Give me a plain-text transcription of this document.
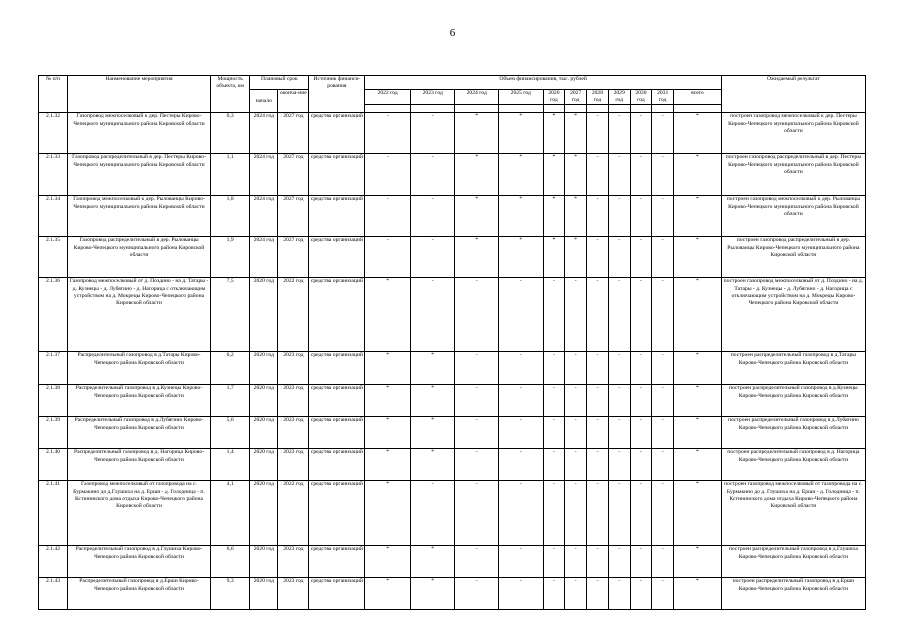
6
№ п/п	Наименование мероприятия	Мощность объекта, км	Плановый срок		Источник финанси-рования	Объем финансирования, тыс. рублей											Ожидаемый результат
			начало	оконча-ние		2022 год	2023 год	2024 год	2025 год	2026 год	2027 год	2028 год	2029 год	2030 год	2031 год	всего	

2.1.32	Газопровод межпоселковый к дер. Пестеры Кирово-Чепецкого муниципального района Кировской области	0,3	2024 год	2027 год	средства организаций	-	-	*	*	*	*	-	-	-	-	*	построен газопровод межпоселковый к дер. Пестеры Кирово-Чепецкого муниципального района Кировской области
2.1.33	Газопровод распределительный в дер. Пестеры Кирово-Чепецкого муниципального района Кировской области	1,1	2024 год	2027 год	средства организаций	-	-	*	*	*	*	-	-	-	-	*	построен газопровод распределительный в дер. Пестеры Кирово-Чепецкого муниципального района Кировской области
2.1.34	Газопровод межпоселковый к дер. Рылованцы Кирово-Чепецкого муниципального района Кировской области	1,8	2024 год	2027 год	средства организаций	-	-	*	*	*	*	-	-	-	-	*	построен газопровод межпоселковый к дер. Рылованцы Кирово-Чепецкого муниципального района Кировской области
2.1.35	Газопровод распределительный в дер. Рылованцы Кирово-Чепецкого муниципального района Кировской области	1,9	2024 год	2027 год	средства организаций	-	-	*	*	*	*	-	-	-	-	*	построен газопровод распределительный в дер. Рылованцы Кирово-Чепецкого муниципального района Кировской области
2.1.36	Газопровод межпоселковый от д. Поздино - на д. Татары - д. Кузнецы - д. Лубягино - д. Нагорица с отключающим устройством на д. Мокрецы Кирово-Чепецкого района Кировской области	7,5	2020 год	2022 год	средства организаций	*	-	-	-	-	-	-	-	-	-	*	построен газопровод межпоселковый от д. Поздино - на д. Татары - д. Кузнецы - д. Лубягино - д. Нагорица с отключающим устройством на д. Мокрецы Кирово-Чепецкого района Кировской области
2.1.37	Распределительный газопровод в д.Татары Кирово-Чепецкого района Кировской области	6,2	2020 год	2023 год	средства организаций	*	*	-	-	-	-	-	-	-	-	*	построен распределительный газопровод в д.Татары Кирово-Чепецкого района Кировской области
2.1.38	Распределительный газопровод в д.Кузнецы Кирово-Чепецкого района Кировской области	1,7	2020 год	2023 год	средства организаций	*	*	-	-	-	-	-	-	-	-	*	построен распределительный газопровод в д.Кузнецы Кирово-Чепецкого района Кировской области
2.1.39	Распределительный газопровод в д.Лубягино Кирово-Чепецкого района Кировской области	5,6	2020 год	2023 год	средства организаций	*	*	-	-	-	-	-	-	-	-	*	построен распределительный газопровод в д.Лубягино Кирово-Чепецкого района Кировской области
2.1.40	Распределительный газопровод в д. Нагорица Кирово-Чепецкого района Кировской области	1,4	2020 год	2023 год	средства организаций	*	*	-	-	-	-	-	-	-	-	*	построен распределительный газопровод в д. Нагорица Кирово-Чепецкого района Кировской области
2.1.41	Газопровод межпоселковый от газопровода на с. Бурмакино до д.Глушиха на д. Ерши - д. Голодница - п. Кстининского дома отдыха Кирово-Чепецкого района Кировской области	4,1	2020 год	2022 год	средства организаций	*	-	-	-	-	-	-	-	-	-	*	построен газопровод межпоселковый от газопровода на с. Бурмакино до д. Глушиха на д. Ерши - д. Голодница - п. Кстининского дома отдыха Кирово-Чепецкого района Кировской области
2.1.42	Распределительный газопровод в д.Глушиха Кирово-Чепецкого района Кировской области	6,6	2020 год	2023 год	средства организаций	*	*	-	-	-	-	-	-	-	-	*	построен распределительный газопровод в д.Глушиха Кирово-Чепецкого района Кировской области
2.1.43	Распределительный газопровод в д.Ерши Кирово-Чепецкого района Кировской области	9,3	2020 год	2023 год	средства организаций	*	*	-	-	-	-	-	-	-	-	*	построен распределительный газопровод в д.Ерши Кирово-Чепецкого района Кировской области
